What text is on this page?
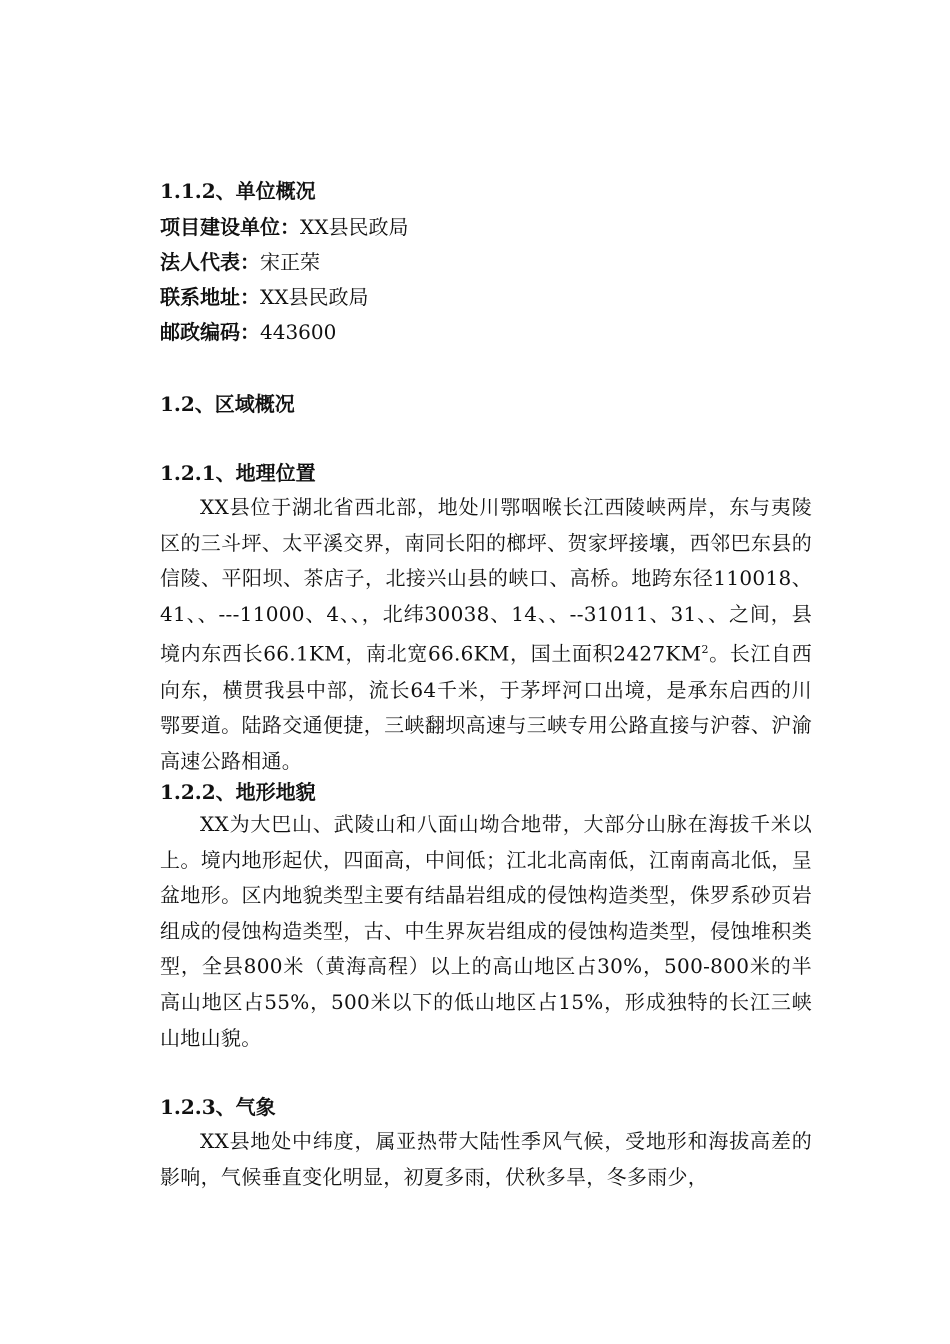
1.1.2、单位概况
项目建设单位：XX县民政局
法人代表：宋正荣
联系地址：XX县民政局
邮政编码：443600
1.2、区域概况
1.2.1、地理位置
XX县位于湖北省西北部，地处川鄂咽喉长江西陵峡两岸，东与夷陵区的三斗坪、太平溪交界，南同长阳的榔坪、贺家坪接壤，西邻巴东县的信陵、平阳坝、茶店子，北接兴山县的峡口、高桥。地跨东径110018、41、、---11000、4、、，北纬30038、14、、--31011、31、、之间，县境内东西长66.1KM，南北宽66.6KM，国土面积$2427KM^2$。长江自西向东，横贯我县中部，流长64千米，于茅坪河口出境，是承东启西的川鄂要道。陆路交通便捷，三峡翻坝高速与三峡专用公路直接与沪蓉、沪渝高速公路相通。
1.2.2、地形地貌
XX为大巴山、武陵山和八面山坳合地带，大部分山脉在海拔千米以上。境内地形起伏，四面高，中间低；江北北高南低，江南南高北低，呈盆地形。区内地貌类型主要有结晶岩组成的侵蚀构造类型，侏罗系砂页岩组成的侵蚀构造类型，古、中生界灰岩组成的侵蚀构造类型，侵蚀堆积类型，全县800米（黄海高程）以上的高山地区占30%，500-800米的半高山地区占55%，500米以下的低山地区占15%，形成独特的长江三峡山地山貌。
1.2.3、气象
XX县地处中纬度，属亚热带大陆性季风气候，受地形和海拔高差的影响，气候垂直变化明显，初夏多雨，伏秋多旱，冬多雨少，
